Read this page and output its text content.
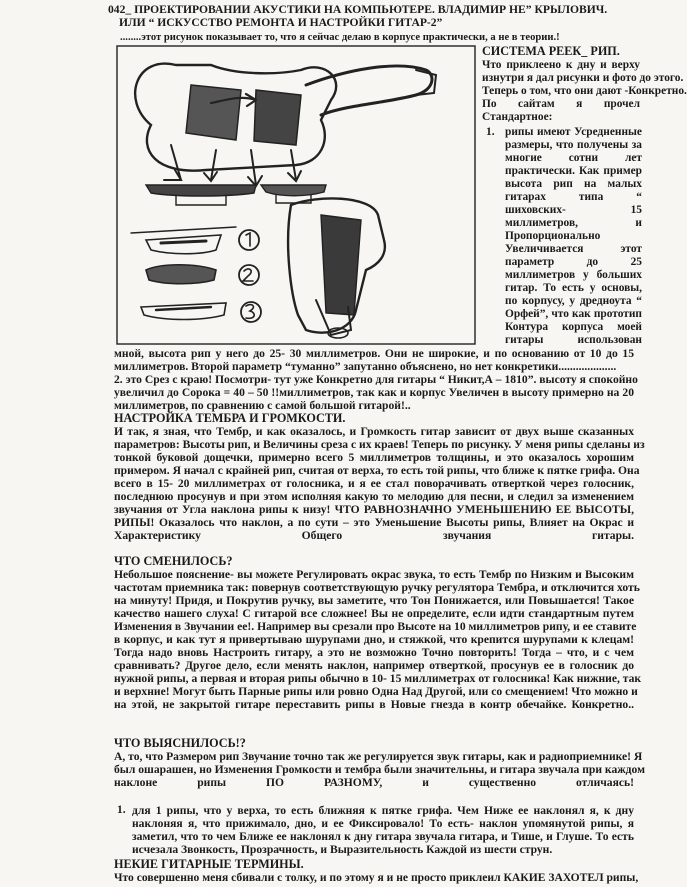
042_ ПРОЕКТИРОВАНИИ АКУСТИКИ НА КОМПЬЮТЕРЕ. ВЛАДИМИР НЕ” КРЫЛОВИЧ.
ИЛИ “ ИСКУССТВО РЕМОНТА И НАСТРОЙКИ ГИТАР-2”
........этот рисунок показывает то, что я сейчас делаю в корпусе практически, а не в теории.!
СИСТЕМА РЕЕК_ РИП.
Что приклеено к дну и верху
изнутри я дал рисунки и фото до этого.
Теперь о том, что они дают -Конкретно.
По сайтам я прочел
Стандартное:
1. рипы имеют Усредненные
размеры, что получены за
многие сотни лет
практически. Как пример
высота рип на малых
гитарах типа “
шиховских- 15
миллиметров, и
Пропорционально
Увеличивается этот
параметр до 25
миллиметров у больших
гитар. То есть у основы,
по корпусу, у дредноута “
Орфей”, что как прототип
Контура корпуса моей
гитары использован
мной, высота рип у него до 25- 30 миллиметров. Они не широкие, и по основанию от 10 до 15
миллиметров. Второй параметр “туманно” запутанно объяснено, но нет конкретики....................
2. это Срез с краю! Посмотри- тут уже Конкретно для гитары “ Никит,А – 1810”. высоту я спокойно
увеличил до Сорока = 40 – 50 !!миллиметров, так как и корпус Увеличен в высоту примерно на 20
миллиметров, по сравнению с самой большой гитарой!..
НАСТРОЙКА ТЕМБРА И ГРОМКОСТИ.
И так, я зная, что Тембр, и как оказалось, и Громкость гитар зависит от двух выше сказанных
параметров: Высоты рип, и Величины среза с их краев! Теперь по рисунку. У меня рипы сделаны из
тонкой буковой дощечки, примерно всего 5 миллиметров толщины, и это оказалось хорошим
примером. Я начал с крайней рип, считая от верха, то есть той рипы, что ближе к пятке грифа. Она
всего в 15- 20 миллиметрах от голосника, и я ее стал поворачивать отверткой через голосник,
последнюю просунув и при этом исполняя какую то мелодию для песни, и следил за изменением
звучания от Угла наклона рипы к низу! ЧТО РАВНОЗНАЧНО УМЕНЬШЕНИЮ ЕЕ ВЫСОТЫ,
РИПЫ! Оказалось что наклон, а по сути – это Уменьшение Высоты рипы, Влияет на Окрас и
Характеристику Общего звучания гитары.
ЧТО СМЕНИЛОСЬ?
Небольшое пояснение- вы можете Регулировать окрас звука, то есть Тембр по Низким и Высоким
частотам приемника так: повернув соответствующую ручку регулятора Тембра, и отключится хоть
на минуту! Придя, и Покрутив ручку, вы заметите, что Тон Понижается, или Повышается! Такое
качество нашего слуха! С гитарой все сложнее! Вы не определите, если идти стандартным путем
Изменения в Звучании ее!. Например вы срезали про Высоте на 10 миллиметров рипу, и ее ставите
в корпус, и как тут я привертываю шурупами дно, и стяжкой, что крепится шурупами к клецам!
Тогда надо вновь Настроить гитару, а это не возможно Точно повторить! Тогда – что, и с чем
сравнивать? Другое дело, если менять наклон, например отверткой, просунув ее в голосник до
нужной рипы, а первая и вторая рипы обычно в 10- 15 миллиметрах от голосника! Как нижние, так
и верхние! Могут быть Парные рипы или ровно Одна Над Другой, или со смещением! Что можно и
на этой, не закрытой гитаре переставить рипы в Новые гнезда в контр обечайке. Конкретно..
ЧТО ВЫЯСНИЛОСЬ!?
А, то, что Размером рип Звучание точно так же регулируется звук гитары, как и радиоприемнике! Я
был ошарашен, но Изменения Громкости и тембра были значительны, и гитара звучала при каждом
наклоне рипы ПО РАЗНОМУ, и существенно отличаясь!
1. для 1 рипы, что у верха, то есть ближняя к пятке грифа. Чем Ниже ее наклонял я, к дну
наклоняя я, что прижимало, дно, и ее Фиксировало! То есть- наклон упомянутой рипы, я
заметил, что то чем Ближе ее наклонял к дну гитара звучала гитара, и Тише, и Глуше. То есть
исчезала Звонкость, Прозрачность, и Выразительность Каждой из шести струн.
НЕКИЕ ГИТАРНЫЕ ТЕРМИНЫ.
Что совершенно меня сбивали с толку, и по этому я и не просто приклеил КАКИЕ ЗАХОТЕЛ рипы,
